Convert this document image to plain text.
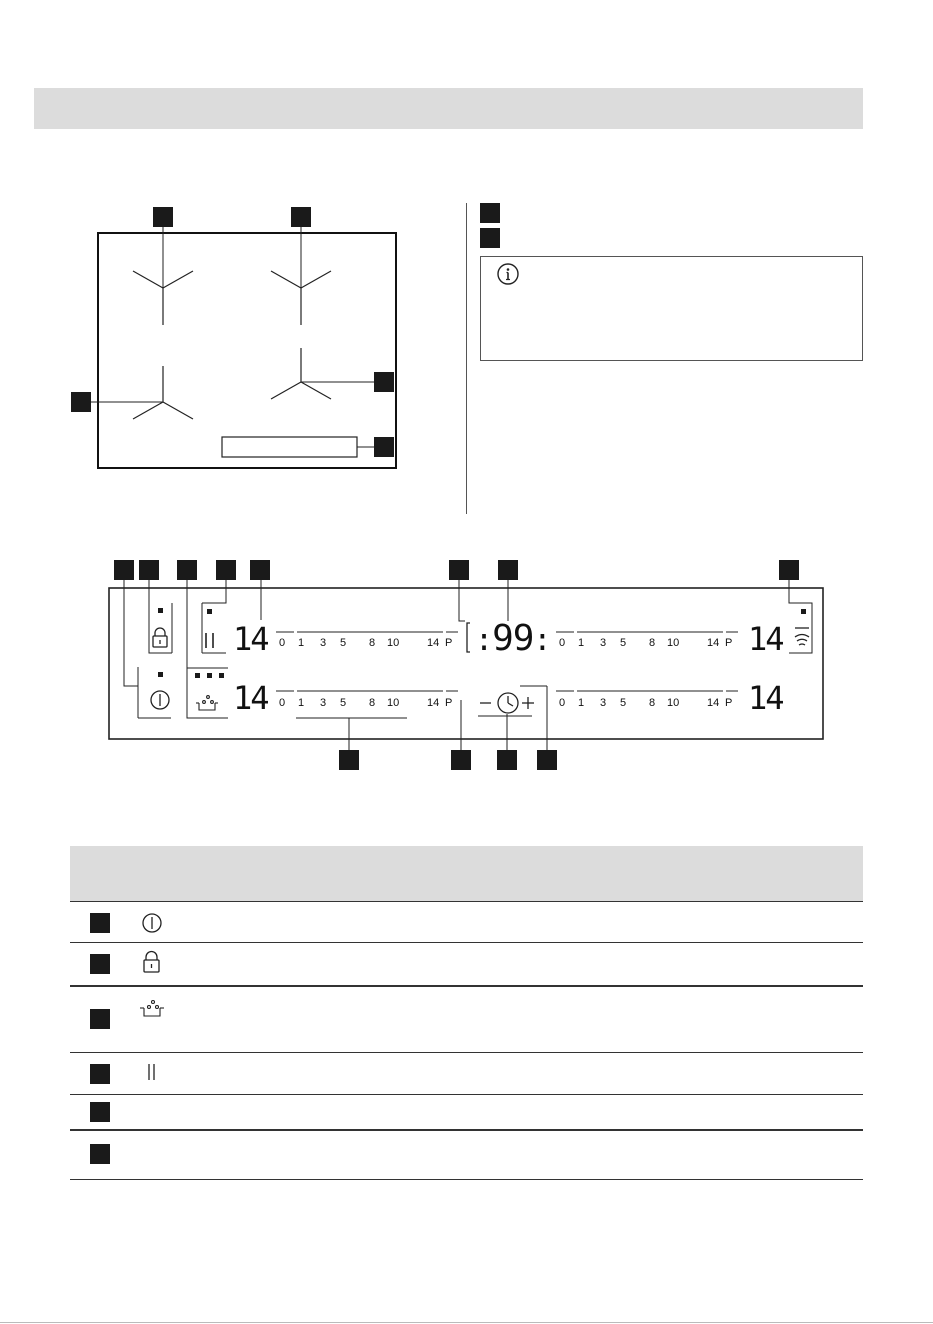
14
14
14
14
:99:
0 1 3 5 8 10	14 P
0 1 3 5 8 10	14 P
0 1 3 5 8 10	14 P
0 1 3 5 8 10	14 P
